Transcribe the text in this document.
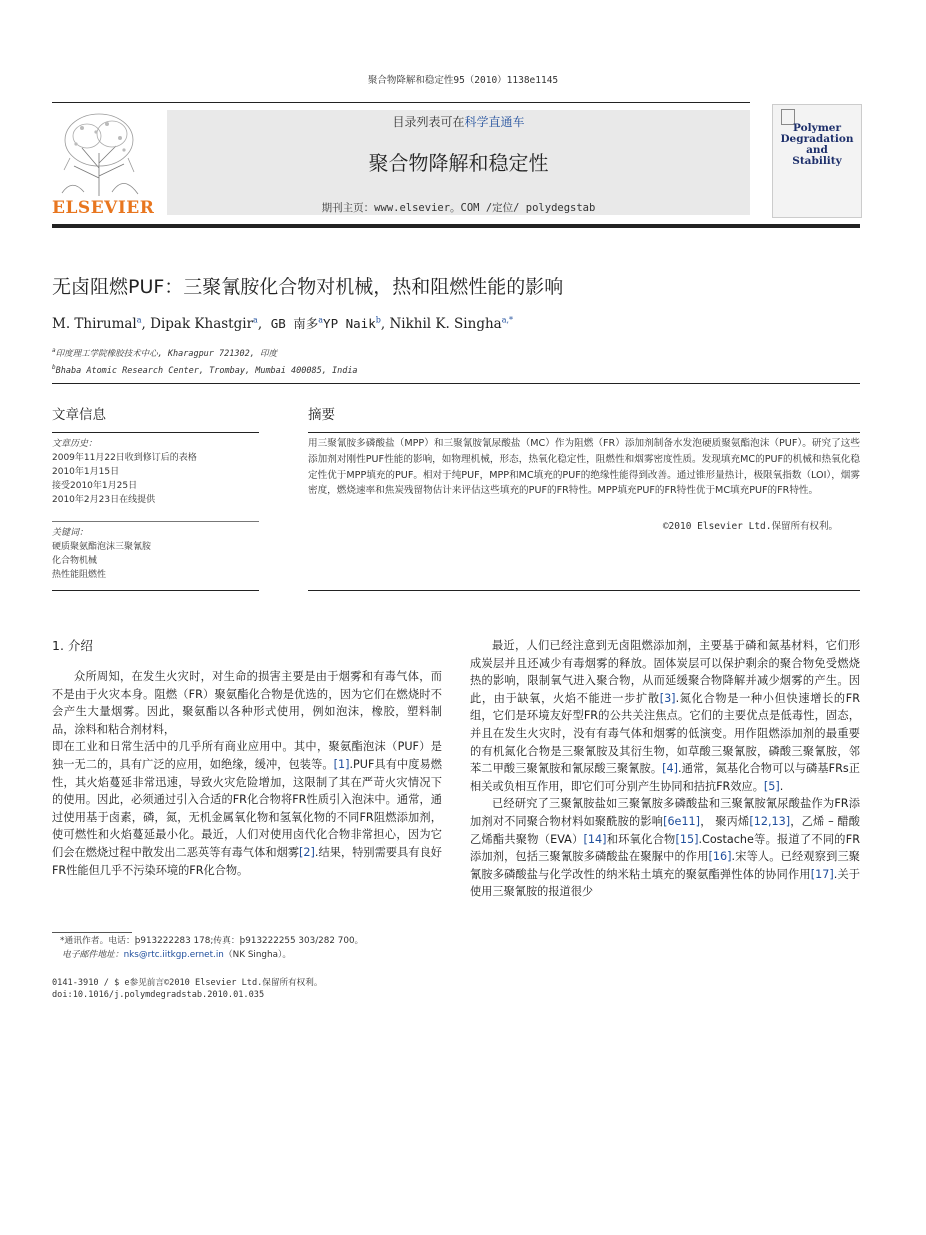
聚合物降解和稳定性95（2010）1138e1145
ELSEVIER
目录列表可在科学直通车
聚合物降解和稳定性
期刊主页：www.elsevier。COM /定位/ polydegstab
Polymer
Degradation
and
Stability
无卤阻燃PUF：三聚氰胺化合物对机械，热和阻燃性能的影响
M. Thirumal$^a$, Dipak Khastgir$^a$,  GB 南多$^a$YP Naik$^b$, Nikhil K. Singha$^{a,*}$
$^a$印度理工学院橡胶技术中心, Kharagpur 721302, 印度
$^b$Bhaba Atomic Research Center, Trombay, Mumbai 400085, India
文章信息
文章历史：
2009年11月22日收到修订后的表格
2010年1月15日
接受2010年1月25日
2010年2月23日在线提供
关键词：
硬质聚氨酯泡沫三聚氰胺
化合物机械
热性能阻燃性
摘要
用三聚氰胺多磷酸盐（MPP）和三聚氰胺氰尿酸盐（MC）作为阻燃（FR）添加剂制备水发泡硬质聚氨酯泡沫（PUF）。研究了这些添加剂对刚性PUF性能的影响，如物理机械，形态，热氧化稳定性，阻燃性和烟雾密度性质。发现填充MC的PUF的机械和热氧化稳定性优于MPP填充的PUF。相对于纯PUF，MPP和MC填充的PUF的绝缘性能得到改善。通过锥形量热计，极限氧指数（LOI），烟雾密度，燃烧速率和焦炭残留物估计来评估这些填充的PUF的FR特性。MPP填充PUF的FR特性优于MC填充PUF的FR特性。
©2010 Elsevier Ltd.保留所有权利。
1. 介绍

众所周知，在发生火灾时，对生命的损害主要是由于烟雾和有毒气体，而不是由于火灾本身。阻燃（FR）聚氨酯化合物是优选的，因为它们在燃烧时不会产生大量烟雾。因此，聚氨酯以各种形式使用，例如泡沫，橡胶，塑料制品，涂料和粘合剂材料，

即在工业和日常生活中的几乎所有商业应用中。其中，聚氨酯泡沫（PUF）是独一无二的，具有广泛的应用，如绝缘，缓冲，包装等。[1].PUF具有中度易燃性，其火焰蔓延非常迅速，导致火灾危险增加，这限制了其在严苛火灾情况下的使用。因此，必须通过引入合适的FR化合物将FR性质引入泡沫中。通常，通过使用基于卤素，磷，氮，无机金属氧化物和氢氧化物的不同FR阻燃添加剂，使可燃性和火焰蔓延最小化。最近，人们对使用卤代化合物非常担心，因为它们会在燃烧过程中散发出二恶英等有毒气体和烟雾[2].结果，特别需要具有良好FR性能但几乎不污染环境的FR化合物。

最近，人们已经注意到无卤阻燃添加剂，主要基于磷和氮基材料，它们形成炭层并且还减少有毒烟雾的释放。固体炭层可以保护剩余的聚合物免受燃烧热的影响，限制氧气进入聚合物，从而延缓聚合物降解并减少烟雾的产生。因此，由于缺氧，火焰不能进一步扩散[3].氮化合物是一种小但快速增长的FR组，它们是环境友好型FR的公共关注焦点。它们的主要优点是低毒性，固态，并且在发生火灾时，没有有毒气体和烟雾的低演变。用作阻燃添加剂的最重要的有机氮化合物是三聚氰胺及其衍生物，如草酸三聚氰胺，磷酸三聚氰胺，邻苯二甲酸三聚氰胺和氰尿酸三聚氰胺。[4].通常，氮基化合物可以与磷基FRs正相关或负相互作用，即它们可分别产生协同和拮抗FR效应。[5].

已经研究了三聚氰胺盐如三聚氰胺多磷酸盐和三聚氰胺氰尿酸盐作为FR添加剂对不同聚合物材料如聚酰胺的影响[6e11]， 聚丙烯[12,13]，乙烯 – 醋酸乙烯酯共聚物（EVA）[14]和环氧化合物[15].Costache等。报道了不同的FR添加剂，包括三聚氰胺多磷酸盐在聚脲中的作用[16].宋等人。已经观察到三聚氰胺多磷酸盐与化学改性的纳米粘土填充的聚氨酯弹性体的协同作用[17].关于使用三聚氰胺的报道很少

*通讯作者。电话：þ913222283 178;传真：þ913222255 303/282 700。
电子邮件地址：nks@rtc.iitkgp.ernet.in（NK Singha）。
0141-3910 / $ e参见前言©2010 Elsevier Ltd.保留所有权利。
doi:10.1016/j.polymdegradstab.2010.01.035
